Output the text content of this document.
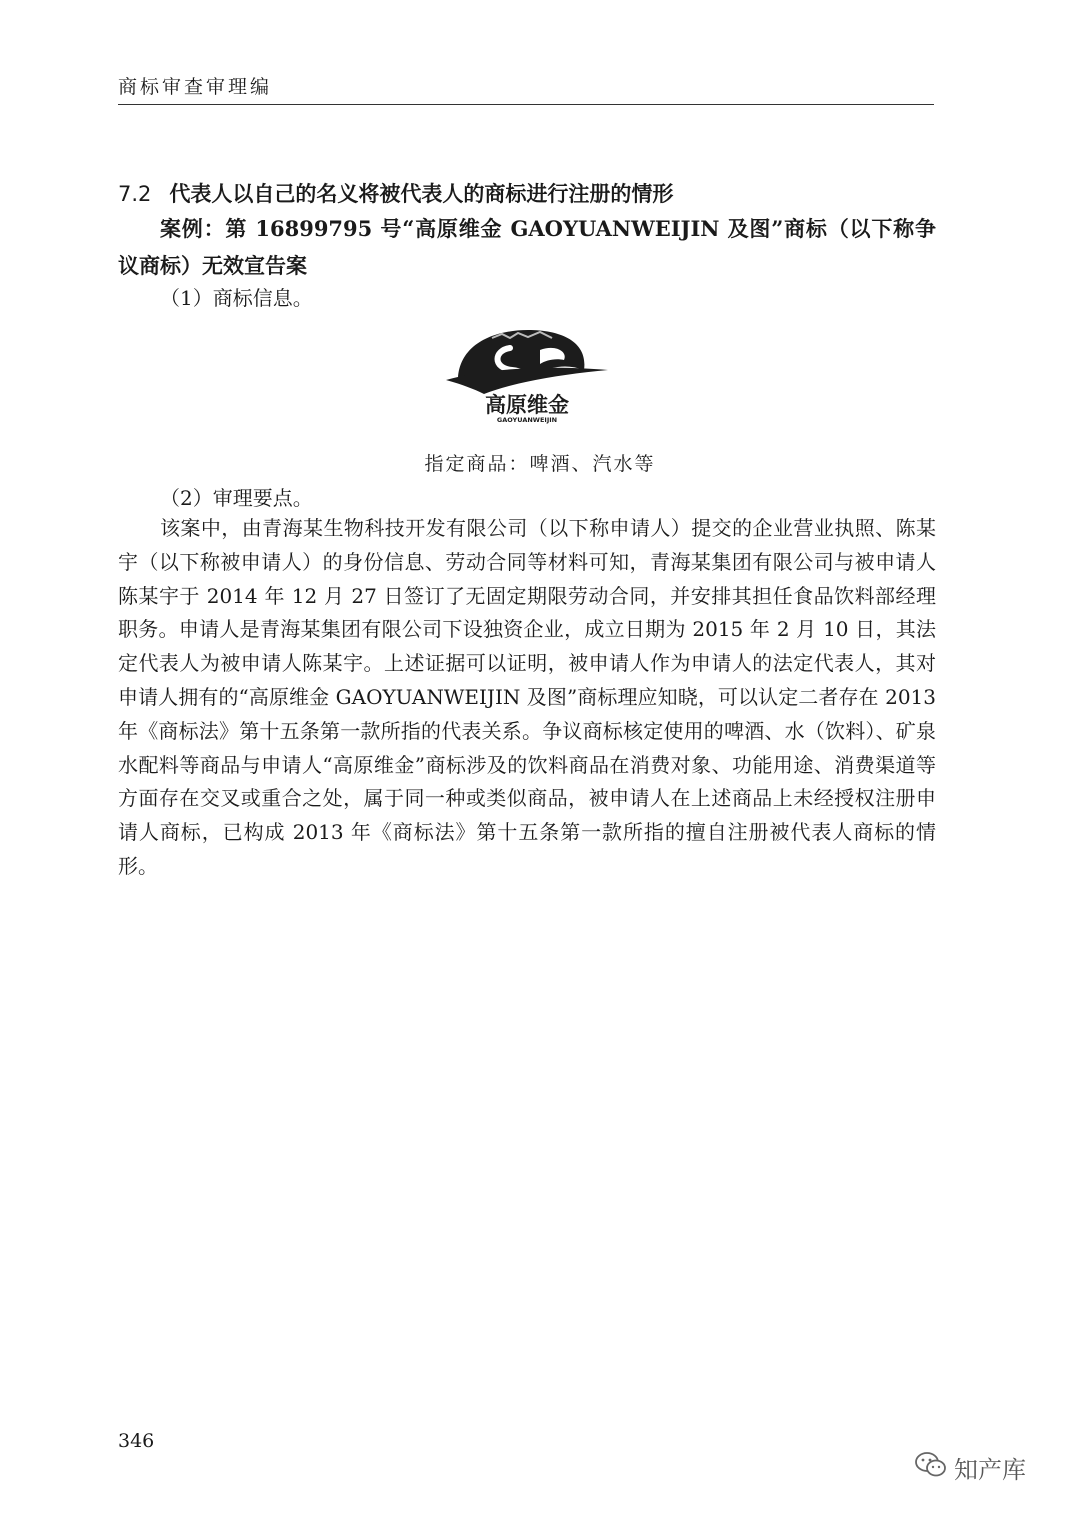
商标审查审理编
7.2 代表人以自己的名义将被代表人的商标进行注册的情形
案例：第 16899795 号“高原维金 GAOYUANWEIJIN 及图”商标（以下称争议商标）无效宣告案
（1）商标信息。
高原维金
GAOYUANWEIJIN
指定商品：啤酒、汽水等
（2）审理要点。

该案中，由青海某生物科技开发有限公司（以下称申请人）提交的企业营业执照、陈某宇（以下称被申请人）的身份信息、劳动合同等材料可知，青海某集团有限公司与被申请人陈某宇于 2014 年 12 月 27 日签订了无固定期限劳动合同，并安排其担任食品饮料部经理职务。申请人是青海某集团有限公司下设独资企业，成立日期为 2015 年 2 月 10 日，其法定代表人为被申请人陈某宇。上述证据可以证明，被申请人作为申请人的法定代表人，其对申请人拥有的“高原维金 GAOYUANWEIJIN 及图”商标理应知晓，可以认定二者存在 2013 年《商标法》第十五条第一款所指的代表关系。争议商标核定使用的啤酒、水（饮料）、矿泉水配料等商品与申请人“高原维金”商标涉及的饮料商品在消费对象、功能用途、消费渠道等方面存在交叉或重合之处，属于同一种或类似商品，被申请人在上述商品上未经授权注册申请人商标，已构成 2013 年《商标法》第十五条第一款所指的擅自注册被代表人商标的情形。

346
知产库
